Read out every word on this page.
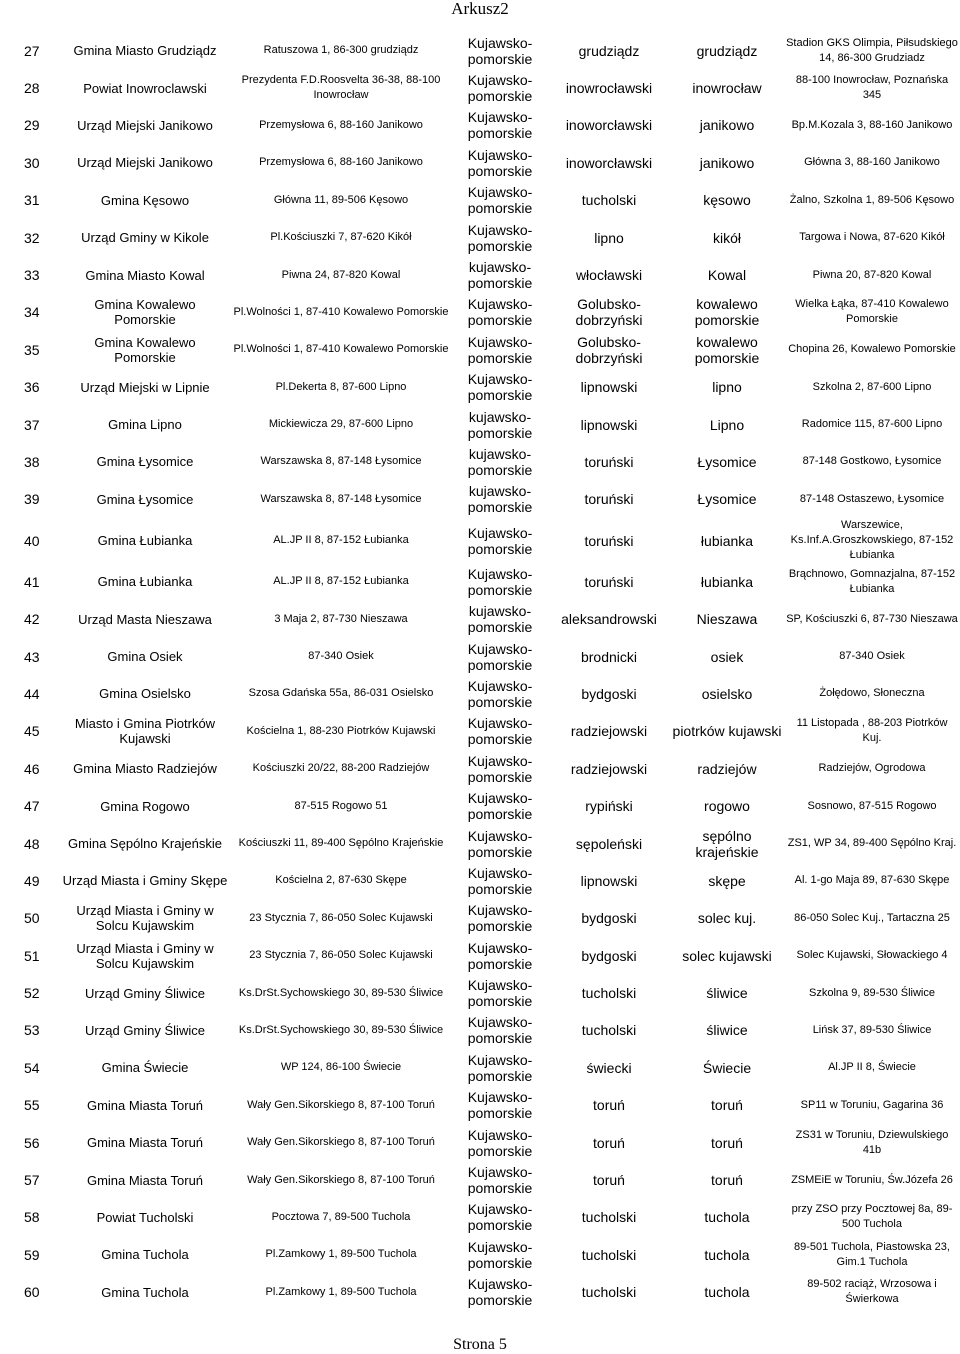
Arkusz2
27	Gmina Miasto Grudziądz	Ratuszowa 1, 86-300 grudziądz	Kujawsko-pomorskie	grudziądz	grudziądz	Stadion GKS Olimpia, Piłsudskiego 14, 86-300 Grudziadz
28	Powiat Inowroclawski	Prezydenta F.D.Roosvelta 36-38, 88-100 Inowrocław	Kujawsko-pomorskie	inowrocławski	inowrocław	88-100 Inowrocław, Poznańska 345
29	Urząd Miejski Janikowo	Przemysłowa 6, 88-160 Janikowo	Kujawsko-pomorskie	inoworcławski	janikowo	Bp.M.Kozala 3, 88-160 Janikowo
30	Urząd Miejski Janikowo	Przemysłowa 6, 88-160 Janikowo	Kujawsko-pomorskie	inoworcławski	janikowo	Główna 3, 88-160 Janikowo
31	Gmina Kęsowo	Główna 11, 89-506 Kęsowo	Kujawsko-pomorskie	tucholski	kęsowo	Żalno, Szkolna 1, 89-506 Kęsowo
32	Urząd Gminy w Kikole	Pl.Kościuszki 7, 87-620 Kikół	Kujawsko-pomorskie	lipno	kikół	Targowa i Nowa, 87-620 Kikół
33	Gmina Miasto Kowal	Piwna 24, 87-820 Kowal	kujawsko-pomorskie	włocławski	Kowal	Piwna 20, 87-820 Kowal
34	Gmina Kowalewo Pomorskie	Pl.Wolności 1, 87-410 Kowalewo Pomorskie	Kujawsko-pomorskie	Golubsko-dobrzyński	kowalewo pomorskie	Wielka Łąka, 87-410 Kowalewo Pomorskie
35	Gmina Kowalewo Pomorskie	Pl.Wolności 1, 87-410 Kowalewo Pomorskie	Kujawsko-pomorskie	Golubsko-dobrzyński	kowalewo pomorskie	Chopina 26, Kowalewo Pomorskie
36	Urząd Miejski w Lipnie	Pl.Dekerta 8, 87-600 Lipno	Kujawsko-pomorskie	lipnowski	lipno	Szkolna 2, 87-600 Lipno
37	Gmina Lipno	Mickiewicza 29, 87-600 Lipno	kujawsko-pomorskie	lipnowski	Lipno	Radomice 115, 87-600 Lipno
38	Gmina Łysomice	Warszawska 8, 87-148 Łysomice	kujawsko-pomorskie	toruński	Łysomice	87-148 Gostkowo, Łysomice
39	Gmina Łysomice	Warszawska 8, 87-148 Łysomice	kujawsko-pomorskie	toruński	Łysomice	87-148 Ostaszewo, Łysomice
40	Gmina Łubianka	AL.JP II 8, 87-152 Łubianka	Kujawsko-pomorskie	toruński	łubianka	Warszewice, Ks.Inf.A.Groszkowskiego, 87-152 Łubianka
41	Gmina Łubianka	AL.JP II 8, 87-152 Łubianka	Kujawsko-pomorskie	toruński	łubianka	Brąchnowo, Gomnazjalna, 87-152 Łubianka
42	Urząd Masta Nieszawa	3 Maja 2, 87-730 Nieszawa	kujawsko-pomorskie	aleksandrowski	Nieszawa	SP, Kościuszki 6, 87-730 Nieszawa
43	Gmina Osiek	87-340 Osiek	Kujawsko-pomorskie	brodnicki	osiek	87-340 Osiek
44	Gmina Osielsko	Szosa Gdańska 55a, 86-031 Osielsko	Kujawsko-pomorskie	bydgoski	osielsko	Żołędowo, Słoneczna
45	Miasto i Gmina Piotrków Kujawski	Kościelna 1, 88-230 Piotrków Kujawski	Kujawsko-pomorskie	radziejowski	piotrków kujawski	11 Listopada , 88-203 Piotrków Kuj.
46	Gmina Miasto Radziejów	Kościuszki 20/22, 88-200 Radziejów	Kujawsko-pomorskie	radziejowski	radziejów	Radziejów, Ogrodowa
47	Gmina Rogowo	87-515 Rogowo 51	Kujawsko-pomorskie	rypiński	rogowo	Sosnowo, 87-515 Rogowo
48	Gmina Sępólno Krajeńskie	Kościuszki 11, 89-400 Sępólno Krajeńskie	Kujawsko-pomorskie	sępoleński	sępólno krajeńskie	ZS1, WP 34, 89-400 Sępólno Kraj.
49	Urząd Miasta i Gminy Skępe	Kościelna 2, 87-630 Skępe	Kujawsko-pomorskie	lipnowski	skępe	Al. 1-go Maja 89, 87-630 Skępe
50	Urząd Miasta i Gminy w Solcu Kujawskim	23 Stycznia 7, 86-050 Solec Kujawski	Kujawsko-pomorskie	bydgoski	solec kuj.	86-050 Solec Kuj., Tartaczna 25
51	Urząd Miasta i Gminy w Solcu Kujawskim	23 Stycznia 7, 86-050 Solec Kujawski	Kujawsko-pomorskie	bydgoski	solec kujawski	Solec Kujawski, Słowackiego 4
52	Urząd Gminy Śliwice	Ks.DrSt.Sychowskiego 30, 89-530 Śliwice	Kujawsko-pomorskie	tucholski	śliwice	Szkolna 9, 89-530 Śliwice
53	Urząd Gminy Śliwice	Ks.DrSt.Sychowskiego 30, 89-530 Śliwice	Kujawsko-pomorskie	tucholski	śliwice	Lińsk 37, 89-530 Śliwice
54	Gmina Świecie	WP 124, 86-100 Świecie	Kujawsko-pomorskie	świecki	Świecie	Al.JP II 8, Świecie
55	Gmina Miasta Toruń	Wały Gen.Sikorskiego 8, 87-100 Toruń	Kujawsko-pomorskie	toruń	toruń	SP11 w Toruniu, Gagarina 36
56	Gmina Miasta Toruń	Wały Gen.Sikorskiego 8, 87-100 Toruń	Kujawsko-pomorskie	toruń	toruń	ZS31 w Toruniu, Dziewulskiego 41b
57	Gmina Miasta Toruń	Wały Gen.Sikorskiego 8, 87-100 Toruń	Kujawsko-pomorskie	toruń	toruń	ZSMEiE w Toruniu, Św.Józefa 26
58	Powiat Tucholski	Pocztowa 7, 89-500 Tuchola	Kujawsko-pomorskie	tucholski	tuchola	przy ZSO przy Pocztowej 8a, 89-500 Tuchola
59	Gmina Tuchola	Pl.Zamkowy 1, 89-500 Tuchola	Kujawsko-pomorskie	tucholski	tuchola	89-501 Tuchola, Piastowska 23, Gim.1 Tuchola
60	Gmina Tuchola	Pl.Zamkowy 1, 89-500 Tuchola	Kujawsko-pomorskie	tucholski	tuchola	89-502 raciąż, Wrzosowa i Świerkowa
Strona 5
